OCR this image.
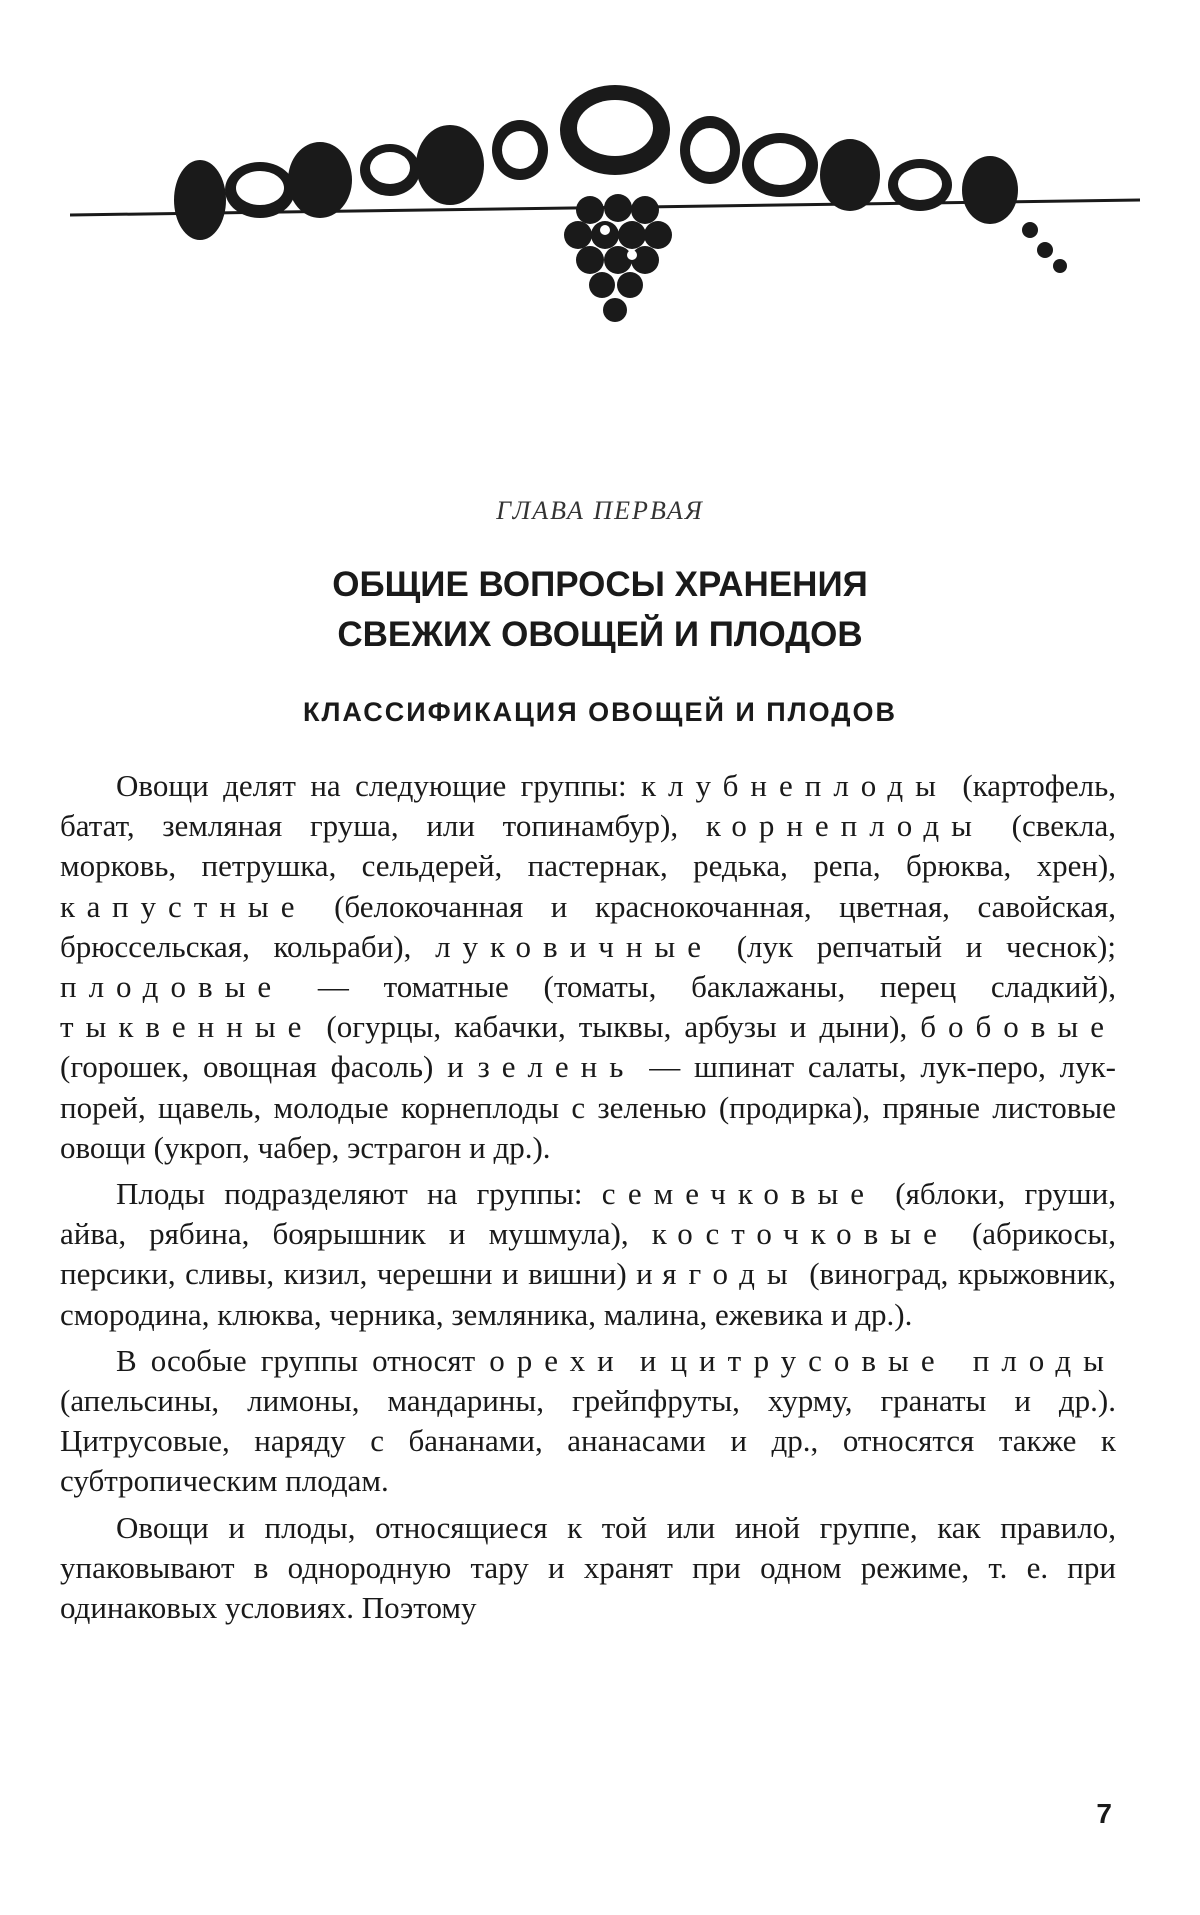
ГЛАВА ПЕРВАЯ
ОБЩИЕ ВОПРОСЫ ХРАНЕНИЯ
СВЕЖИХ ОВОЩЕЙ И ПЛОДОВ
КЛАССИФИКАЦИЯ ОВОЩЕЙ И ПЛОДОВ

Овощи делят на следующие группы: клубнеплоды (картофель, батат, земляная груша, или топинамбур), корнеплоды (свекла, морковь, петрушка, сельдерей, пастернак, редька, репа, брюква, хрен), капустные (белокочанная и краснокочанная, цветная, савойская, брюссельская, кольраби), луковичные (лук репчатый и чеснок); плодовые — томатные (томаты, баклажаны, перец сладкий), тыквенные (огурцы, кабачки, тыквы, арбузы и дыни), бобовые (горошек, овощная фасоль) и зелень — шпинат салаты, лук-перо, лук-порей, щавель, молодые корнеплоды с зеленью (продирка), пряные листовые овощи (укроп, чабер, эстрагон и др.).

Плоды подразделяют на группы: семечковые (яблоки, груши, айва, рябина, боярышник и мушмула), косточковые (абрикосы, персики, сливы, кизил, черешни и вишни) и ягоды (виноград, крыжовник, смородина, клюква, черника, земляника, малина, ежевика и др.).

В особые группы относят орехи и цитрусовые плоды (апельсины, лимоны, мандарины, грейпфруты, хурму, гранаты и др.). Цитрусовые, наряду с бананами, ананасами и др., относятся также к субтропическим плодам.

Овощи и плоды, относящиеся к той или иной группе, как правило, упаковывают в однородную тару и хранят при одном режиме, т. е. при одинаковых условиях. Поэтому

7
